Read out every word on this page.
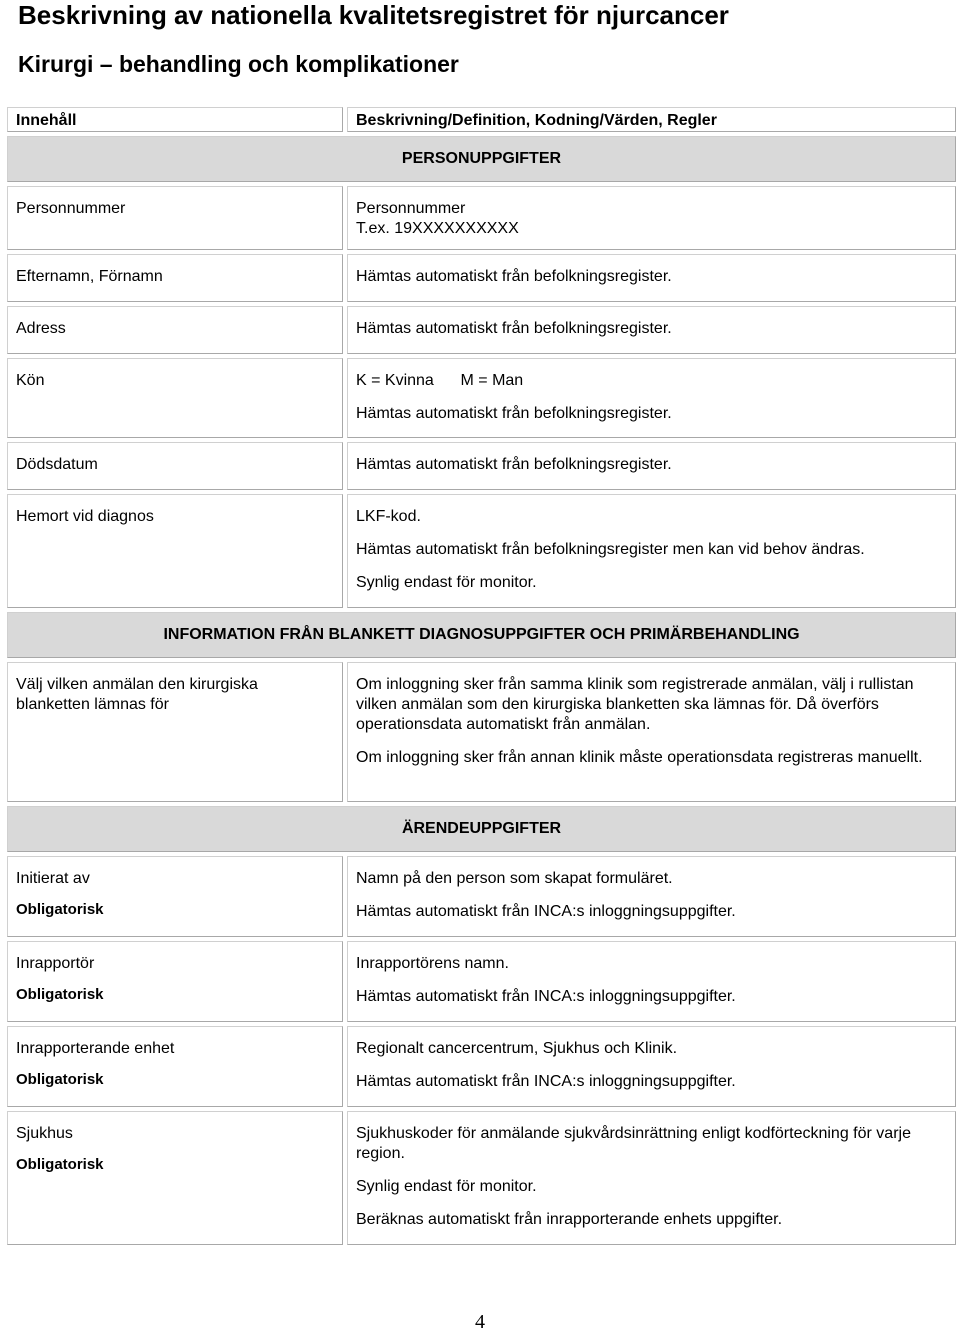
Beskrivning av nationella kvalitetsregistret för njurcancer
Kirurgi – behandling och komplikationer
Innehåll	Beskrivning/Definition, Kodning/Värden, Regler
PERSONUPPGIFTER	

Personnummer	Personnummer
T.ex. 19XXXXXXXXXX

Efternamn, Förnamn	Hämtas automatiskt från befolkningsregister.

Adress	Hämtas automatiskt från befolkningsregister.

Kön	K = Kvinna      M = Man
Hämtas automatiskt från befolkningsregister.

Dödsdatum	Hämtas automatiskt från befolkningsregister.

Hemort vid diagnos	LKF-kod.
Hämtas automatiskt från befolkningsregister men kan vid behov ändras.
Synlig endast för monitor.

INFORMATION FRÅN BLANKETT DIAGNOSUPPGIFTER OCH PRIMÄRBEHANDLING	

Välj vilken anmälan den kirurgiska blanketten lämnas för	Om inloggning sker från samma klinik som registrerade anmälan, välj i rullistan vilken anmälan som den kirurgiska blanketten ska lämnas för. Då överförs operationsdata automatiskt från anmälan.
Om inloggning sker från annan klinik måste operationsdata registreras manuellt.

ÄRENDEUPPGIFTER	

Initierat av
Obligatorisk	Namn på den person som skapat formuläret.
Hämtas automatiskt från INCA:s inloggningsuppgifter.

Inrapportör
Obligatorisk	Inrapportörens namn.
Hämtas automatiskt från INCA:s inloggningsuppgifter.

Inrapporterande enhet
Obligatorisk	Regionalt cancercentrum, Sjukhus och Klinik.
Hämtas automatiskt från INCA:s inloggningsuppgifter.

Sjukhus
Obligatorisk	Sjukhuskoder för anmälande sjukvårdsinrättning enligt kodförteckning för varje region.
Synlig endast för monitor.
Beräknas automatiskt från inrapporterande enhets uppgifter.
4
